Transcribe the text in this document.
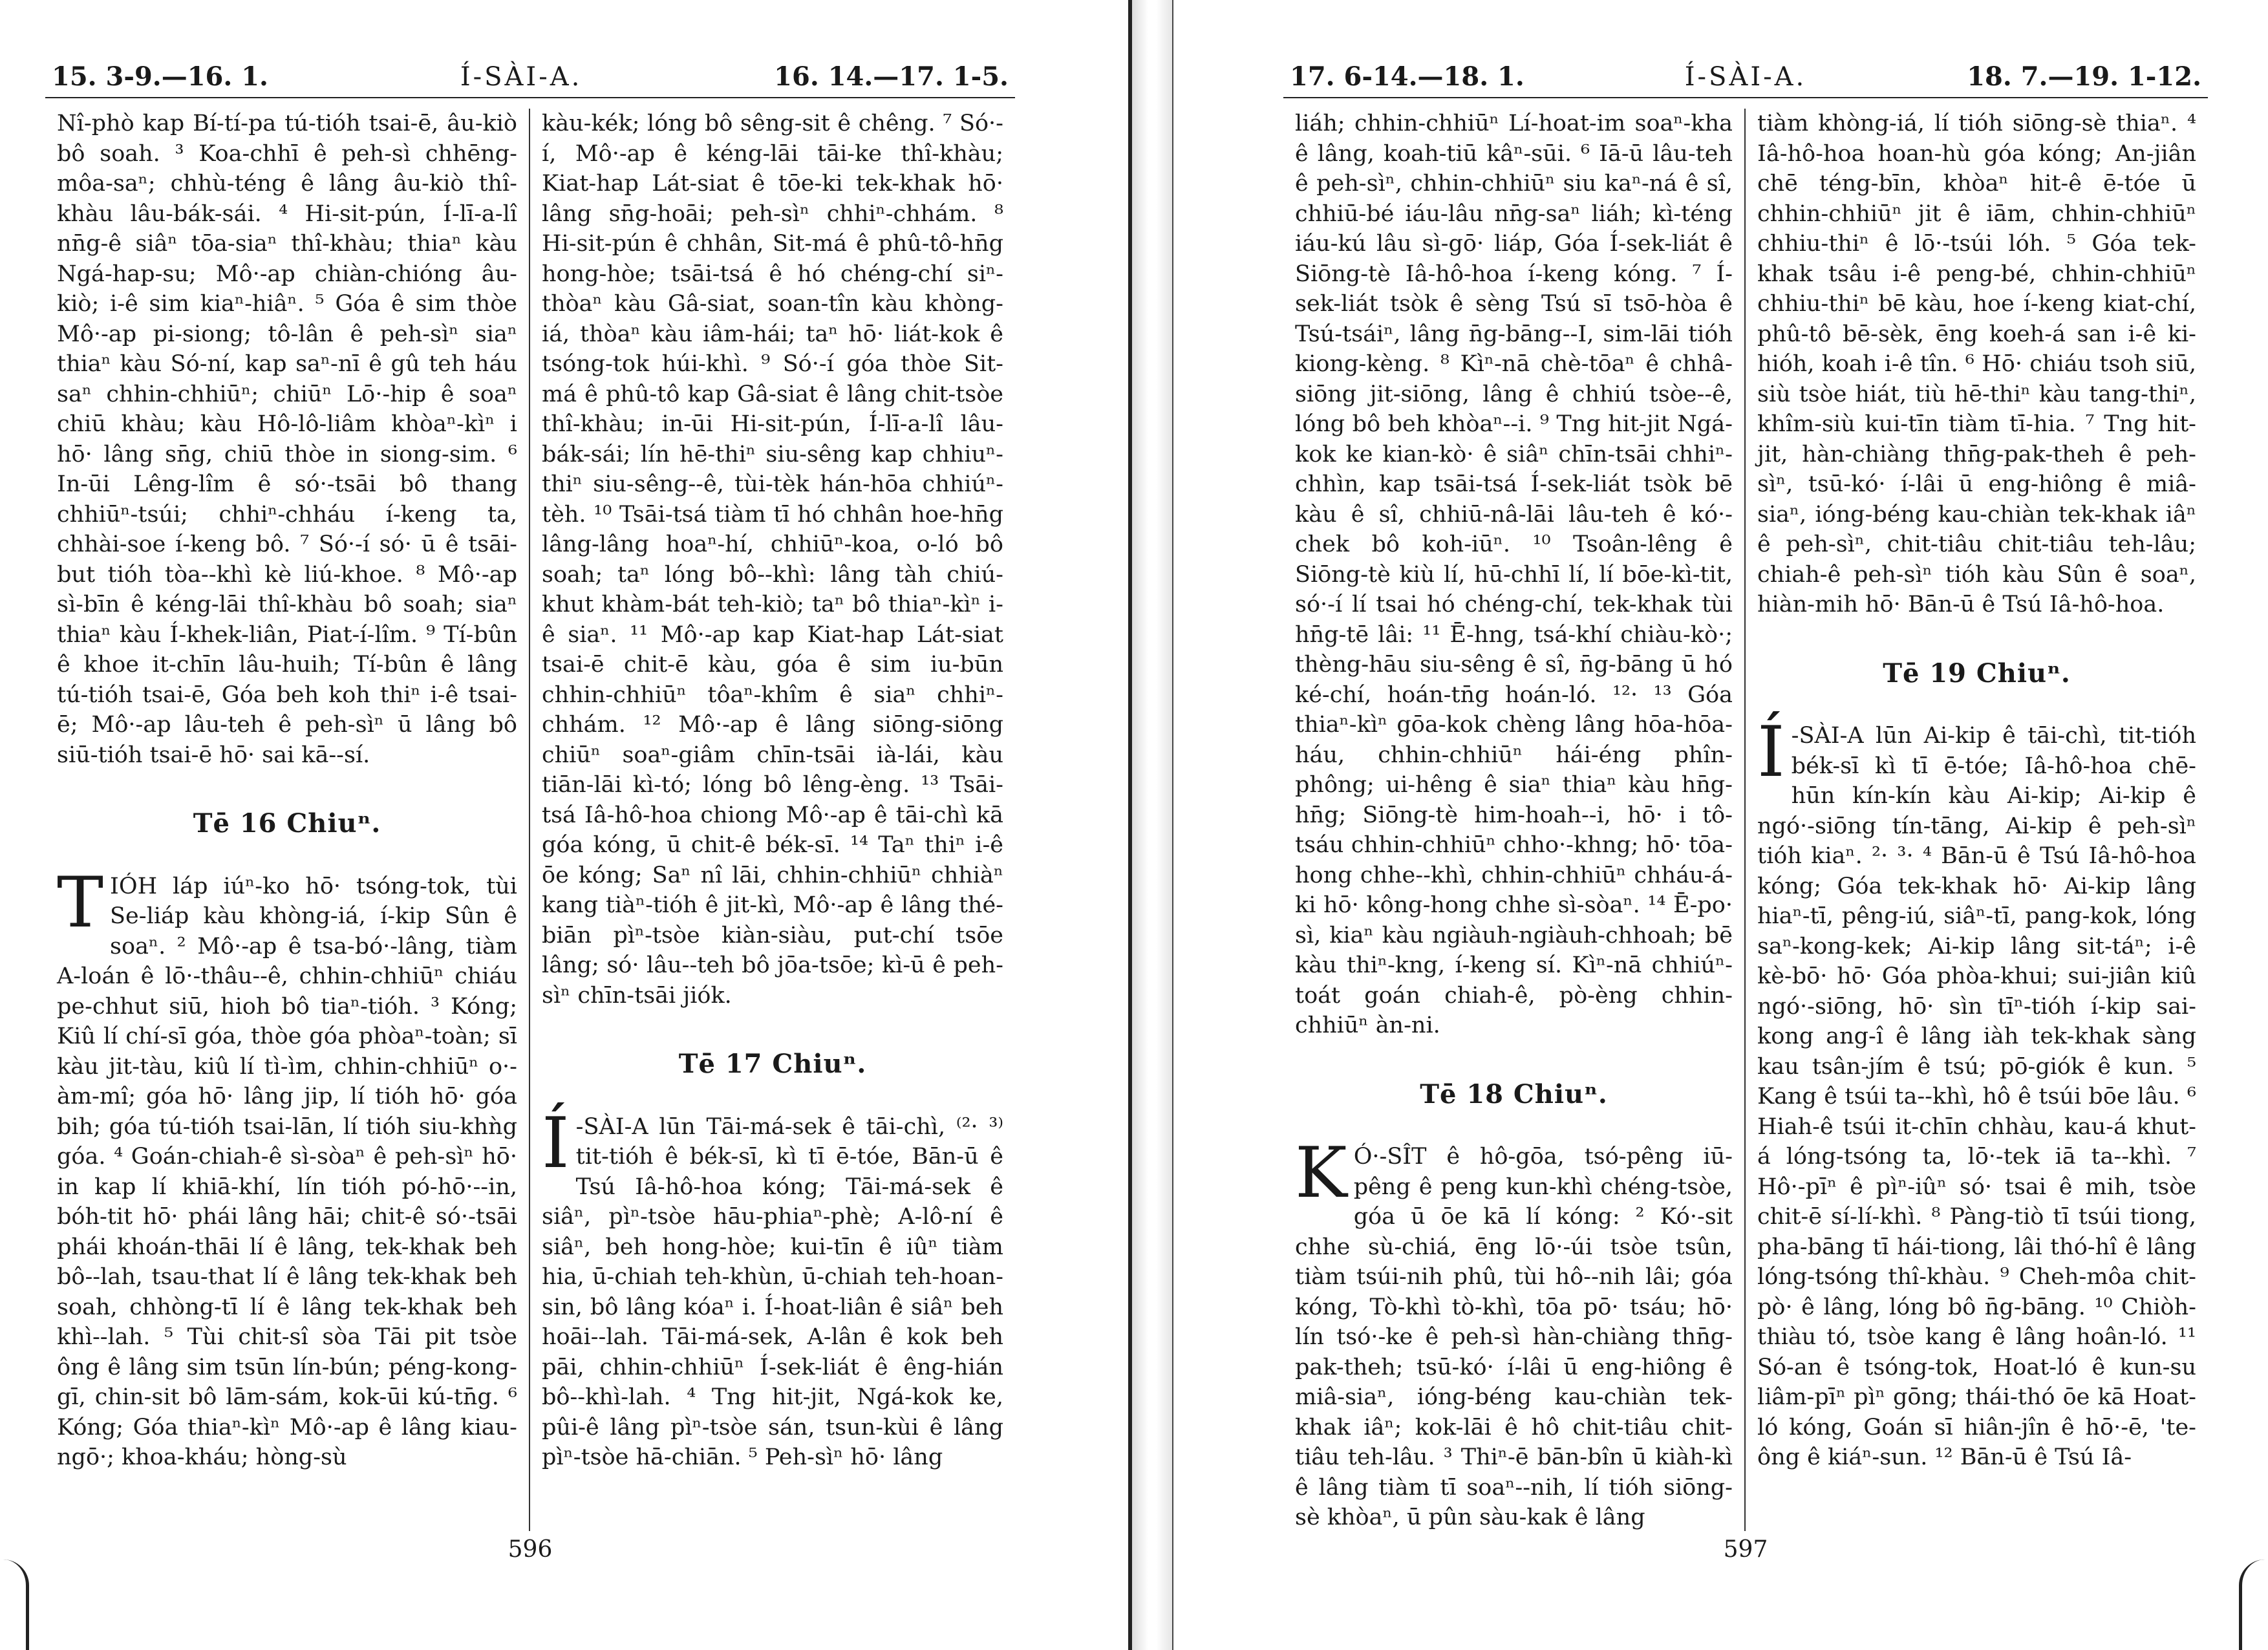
15. 3-9.—16. 1.	Í-SÀI-A.	16. 14.—17. 1-5.

Nî-phò kap Bí-tí-pa tú-tióh tsai-ē, âu-kiò bô soah. ³ Koa-chhī ê peh-sì chhēng-môa-saⁿ; chhù-téng ê lâng âu-kiò thî-khàu lâu-bák-sái. ⁴ Hi-sit-pún, Í-lī-a-lî nn̄g-ê siâⁿ tōa-siaⁿ thî-khàu; thiaⁿ kàu Ngá-hap-su; Mô·-ap chiàn-chióng âu-kiò; i-ê sim kiaⁿ-hiâⁿ. ⁵ Góa ê sim thòe Mô·-ap pi-siong; tô-lân ê peh-sìⁿ siaⁿ thiaⁿ kàu Só-ní, kap saⁿ-nī ê gû teh háu saⁿ chhin-chhiūⁿ; chiūⁿ Lō·-hip ê soaⁿ chiū khàu; kàu Hô-lô-liâm khòaⁿ-kìⁿ i hō· lâng sn̄g, chiū thòe in siong-sim. ⁶ In-ūi Lêng-lîm ê só·-tsāi bô thang chhiūⁿ-tsúi; chhiⁿ-chháu í-keng ta, chhài-soe í-keng bô. ⁷ Só·-í só· ū ê tsāi-but tióh tòa--khì kè liú-khoe. ⁸ Mô·-ap sì-bīn ê kéng-lāi thî-khàu bô soah; siaⁿ thiaⁿ kàu Í-khek-liân, Piat-í-lîm. ⁹ Tí-bûn ê khoe it-chīn lâu-huih; Tí-bûn ê lâng tú-tióh tsai-ē, Góa beh koh thiⁿ i-ê tsai-ē; Mô·-ap lâu-teh ê peh-sìⁿ ū lâng bô siū-tióh tsai-ē hō· sai kā--sí.

Tē 16 Chiuⁿ.

TIÓH láp iúⁿ-ko hō· tsóng-tok, tùi Se-liáp kàu khòng-iá, í-kip Sûn ê soaⁿ. ² Mô·-ap ê tsa-bó·-lâng, tiàm A-loán ê lō·-thâu--ê, chhin-chhiūⁿ chiáu pe-chhut siū, hioh bô tiaⁿ-tióh. ³ Kóng; Kiû lí chí-sī góa, thòe góa phòaⁿ-toàn; sī kàu jit-tàu, kiû lí tì-ìm, chhin-chhiūⁿ o·-àm-mî; góa hō· lâng jip, lí tióh hō· góa bih; góa tú-tióh tsai-lān, lí tióh siu-khǹg góa. ⁴ Goán-chiah-ê sì-sòaⁿ ê peh-sìⁿ hō· in kap lí khiā-khí, lín tióh pó-hō·--in, bóh-tit hō· phái lâng hāi; chit-ê só·-tsāi phái khoán-thāi lí ê lâng, tek-khak beh bô--lah, tsau-that lí ê lâng tek-khak beh soah, chhòng-tī lí ê lâng tek-khak beh khì--lah. ⁵ Tùi chit-sî sòa Tāi pit tsòe ông ê lâng sim tsūn lín-bún; péng-kong-gī, chin-sit bô lām-sám, kok-ūi kú-tn̄g. ⁶ Kóng; Góa thiaⁿ-kìⁿ Mô·-ap ê lâng kiau-ngō·; khoa-kháu; hòng-sù

kàu-kék; lóng bô sêng-sit ê chêng. ⁷ Só·-í, Mô·-ap ê kéng-lāi tāi-ke thî-khàu; Kiat-hap Lát-siat ê tōe-ki tek-khak hō· lâng sn̄g-hoāi; peh-sìⁿ chhiⁿ-chhám. ⁸ Hi-sit-pún ê chhân, Sit-má ê phû-tô-hn̄g hong-hòe; tsāi-tsá ê hó chéng-chí siⁿ-thòaⁿ kàu Gâ-siat, soan-tîn kàu khòng-iá, thòaⁿ kàu iâm-hái; taⁿ hō· liát-kok ê tsóng-tok húi-khì. ⁹ Só·-í góa thòe Sit-má ê phû-tô kap Gâ-siat ê lâng chit-tsòe thî-khàu; in-ūi Hi-sit-pún, Í-lī-a-lî lâu-bák-sái; lín hē-thiⁿ siu-sêng kap chhiuⁿ-thiⁿ siu-sêng--ê, tùi-tèk hán-hōa chhiúⁿ-tèh. ¹⁰ Tsāi-tsá tiàm tī hó chhân hoe-hn̄g lâng-lâng hoaⁿ-hí, chhiūⁿ-koa, o-ló bô soah; taⁿ lóng bô--khì: lâng tàh chiú-khut khàm-bát teh-kiò; taⁿ bô thiaⁿ-kìⁿ i-ê siaⁿ. ¹¹ Mô·-ap kap Kiat-hap Lát-siat tsai-ē chit-ē kàu, góa ê sim iu-būn chhin-chhiūⁿ tôaⁿ-khîm ê siaⁿ chhiⁿ-chhám. ¹² Mô·-ap ê lâng siōng-siōng chiūⁿ soaⁿ-giâm chīn-tsāi ià-lái, kàu tiān-lāi kì-tó; lóng bô lêng-èng. ¹³ Tsāi-tsá Iâ-hô-hoa chiong Mô·-ap ê tāi-chì kā góa kóng, ū chit-ê bék-sī. ¹⁴ Taⁿ thiⁿ i-ê ōe kóng; Saⁿ nî lāi, chhin-chhiūⁿ chhiàⁿ kang tiàⁿ-tióh ê jit-kì, Mô·-ap ê lâng thé-biān pìⁿ-tsòe kiàn-siàu, put-chí tsōe lâng; só· lâu--teh bô jōa-tsōe; kì-ū ê peh-sìⁿ chīn-tsāi jiók.

Tē 17 Chiuⁿ.

Í -SÀI-A lūn Tāi-má-sek ê tāi-chì, ⁽²· ³⁾ tit-tióh ê bék-sī, kì tī ē-tóe, Bān-ū ê Tsú Iâ-hô-hoa kóng; Tāi-má-sek ê siâⁿ, pìⁿ-tsòe hāu-phiaⁿ-phè; A-lô-ní ê siâⁿ, beh hong-hòe; kui-tīn ê iûⁿ tiàm hia, ū-chiah teh-khùn, ū-chiah teh-hoan-sin, bô lâng kóaⁿ i. Í-hoat-liân ê siâⁿ beh hoāi--lah. Tāi-má-sek, A-lân ê kok beh pāi, chhin-chhiūⁿ Í-sek-liát ê êng-hián bô--khì-lah. ⁴ Tng hit-jit, Ngá-kok ke, pûi-ê lâng pìⁿ-tsòe sán, tsun-kùi ê lâng pìⁿ-tsòe hā-chiān. ⁵ Peh-sìⁿ hō· lâng

596
17. 6-14.—18. 1.	Í-SÀI-A.	18. 7.—19. 1-12.

liáh; chhin-chhiūⁿ Lí-hoat-im soaⁿ-kha ê lâng, koah-tiū kâⁿ-sūi. ⁶ Iā-ū lâu-teh ê peh-sìⁿ, chhin-chhiūⁿ siu kaⁿ-ná ê sî, chhiū-bé iáu-lâu nn̄g-saⁿ liáh; kì-téng iáu-kú lâu sì-gō· liáp, Góa Í-sek-liát ê Siōng-tè Iâ-hô-hoa í-keng kóng. ⁷ Í-sek-liát tsòk ê sèng Tsú sī tsō-hòa ê Tsú-tsáiⁿ, lâng n̄g-bāng--I, sim-lāi tióh kiong-kèng. ⁸ Kìⁿ-nā chè-tōaⁿ ê chhâ-siōng jit-siōng, lâng ê chhiú tsòe--ê, lóng bô beh khòaⁿ--i. ⁹ Tng hit-jit Ngá-kok ke kian-kò· ê siâⁿ chīn-tsāi chhiⁿ-chhìn, kap tsāi-tsá Í-sek-liát tsòk bē kàu ê sî, chhiū-nâ-lāi lâu-teh ê kó·-chek bô koh-iūⁿ. ¹⁰ Tsoân-lêng ê Siōng-tè kiù lí, hū-chhī lí, lí bōe-kì-tit, só·-í lí tsai hó chéng-chí, tek-khak tùi hn̄g-tē lâi: ¹¹ Ē-hng, tsá-khí chiàu-kò·; thèng-hāu siu-sêng ê sî, n̄g-bāng ū hó ké-chí, hoán-tn̄g hoán-ló. ¹²· ¹³ Góa thiaⁿ-kìⁿ gōa-kok chèng lâng hōa-hōa-háu, chhin-chhiūⁿ hái-éng phîn-phông; ui-hêng ê siaⁿ thiaⁿ kàu hn̄g-hn̄g; Siōng-tè him-hoah--i, hō· i tô-tsáu chhin-chhiūⁿ chho·-khng; hō· tōa-hong chhe--khì, chhin-chhiūⁿ chháu-á-ki hō· kông-hong chhe sì-sòaⁿ. ¹⁴ Ē-po· sì, kiaⁿ kàu ngiàuh-ngiàuh-chhoah; bē kàu thiⁿ-kng, í-keng sí. Kìⁿ-nā chhiúⁿ-toát goán chiah-ê, pò-èng chhin-chhiūⁿ àn-ni.

Tē 18 Chiuⁿ.

K Ó·-SÎT ê hô-gōa, tsó-pêng iū-pêng ê peng kun-khì chéng-tsòe, góa ū ōe kā lí kóng: ² Kó·-sit chhe sù-chiá, ēng lō·-úi tsòe tsûn, tiàm tsúi-nih phû, tùi hô--nih lâi; góa kóng, Tò-khì tò-khì, tōa pō· tsáu; hō· lín tsó·-ke ê peh-sì hàn-chiàng thn̄g-pak-theh; tsū-kó· í-lâi ū eng-hiông ê miâ-siaⁿ, ióng-béng kau-chiàn tek-khak iâⁿ; kok-lāi ê hô chit-tiâu chit-tiâu teh-lâu. ³ Thiⁿ-ē bān-bîn ū kiàh-kì ê lâng tiàm tī soaⁿ--nih, lí tióh siōng-sè khòaⁿ, ū pûn sàu-kak ê lâng

tiàm khòng-iá, lí tióh siōng-sè thiaⁿ. ⁴ Iâ-hô-hoa hoan-hù góa kóng; An-jiân chē téng-bīn, khòaⁿ hit-ê ē-tóe ū chhin-chhiūⁿ jit ê iām, chhin-chhiūⁿ chhiu-thiⁿ ê lō·-tsúi lóh. ⁵ Góa tek-khak tsâu i-ê peng-bé, chhin-chhiūⁿ chhiu-thiⁿ bē kàu, hoe í-keng kiat-chí, phû-tô bē-sèk, ēng koeh-á san i-ê ki-hióh, koah i-ê tîn. ⁶ Hō· chiáu tsoh siū, siù tsòe hiát, tiù hē-thiⁿ kàu tang-thiⁿ, khîm-siù kui-tīn tiàm tī-hia. ⁷ Tng hit-jit, hàn-chiàng thn̄g-pak-theh ê peh-sìⁿ, tsū-kó· í-lâi ū eng-hiông ê miâ-siaⁿ, ióng-béng kau-chiàn tek-khak iâⁿ ê peh-sìⁿ, chit-tiâu chit-tiâu teh-lâu; chiah-ê peh-sìⁿ tióh kàu Sûn ê soaⁿ, hiàn-mih hō· Bān-ū ê Tsú Iâ-hô-hoa.

Tē 19 Chiuⁿ.

Í -SÀI-A lūn Ai-kip ê tāi-chì, tit-tióh bék-sī kì tī ē-tóe; Iâ-hô-hoa chē-hūn kín-kín kàu Ai-kip; Ai-kip ê ngó·-siōng tín-tāng, Ai-kip ê peh-sìⁿ tióh kiaⁿ. ²· ³· ⁴ Bān-ū ê Tsú Iâ-hô-hoa kóng; Góa tek-khak hō· Ai-kip lâng hiaⁿ-tī, pêng-iú, siâⁿ-tī, pang-kok, lóng saⁿ-kong-kek; Ai-kip lâng sit-táⁿ; i-ê kè-bō· hō· Góa phòa-khui; sui-jiân kiû ngó·-siōng, hō· sìn tīⁿ-tióh í-kip sai-kong ang-î ê lâng iàh tek-khak sàng kau tsân-jím ê tsú; pō-giók ê kun. ⁵ Kang ê tsúi ta--khì, hô ê tsúi bōe lâu. ⁶ Hiah-ê tsúi it-chīn chhàu, kau-á khut-á lóng-tsóng ta, lō·-tek iā ta--khì. ⁷ Hô·-pīⁿ ê pìⁿ-iûⁿ só· tsai ê mih, tsòe chit-ē sí-lí-khì. ⁸ Pàng-tiò tī tsúi tiong, pha-bāng tī hái-tiong, lâi thó-hî ê lâng lóng-tsóng thî-khàu. ⁹ Cheh-môa chit-pò· ê lâng, lóng bô n̄g-bāng. ¹⁰ Chiòh-thiàu tó, tsòe kang ê lâng hoân-ló. ¹¹ Só-an ê tsóng-tok, Hoat-ló ê kun-su liâm-pīⁿ pìⁿ gōng; thái-thó ōe kā Hoat-ló kóng, Goán sī hiân-jîn ê hō·-ē, 'te-ông ê kiáⁿ-sun. ¹² Bān-ū ê Tsú Iâ-

597
